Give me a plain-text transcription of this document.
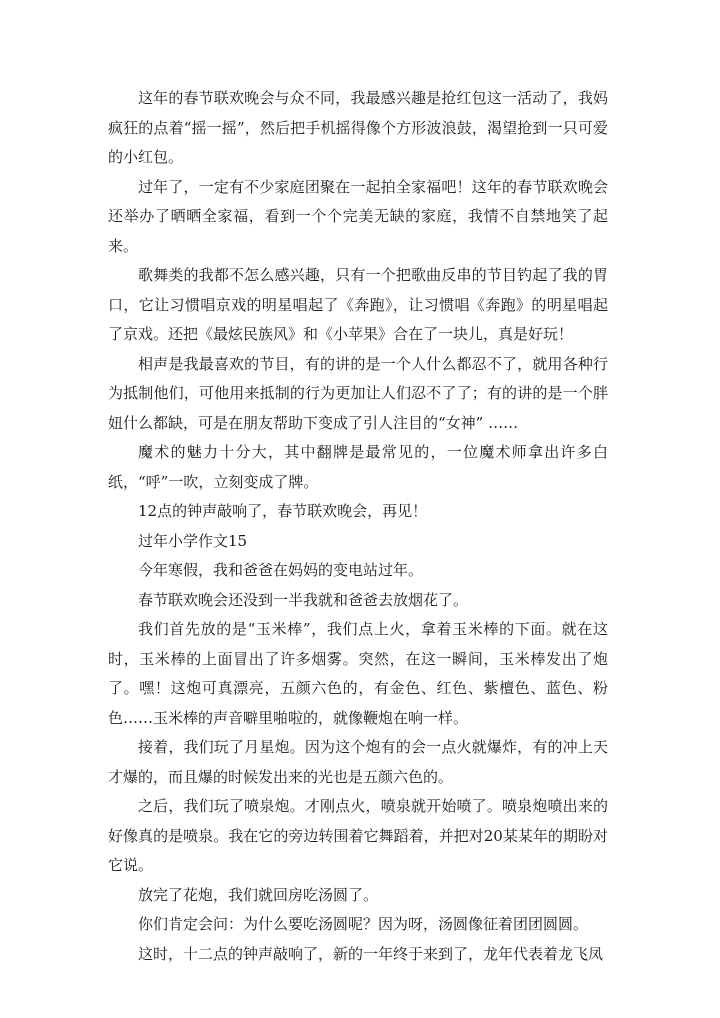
这年的春节联欢晚会与众不同，我最感兴趣是抢红包这一活动了，我妈疯狂的点着“摇一摇”，然后把手机摇得像个方形波浪鼓，渴望抢到一只可爱的小红包。

过年了，一定有不少家庭团聚在一起拍全家福吧！这年的春节联欢晚会还举办了晒晒全家福，看到一个个完美无缺的家庭，我情不自禁地笑了起来。

歌舞类的我都不怎么感兴趣，只有一个把歌曲反串的节目钓起了我的胃口，它让习惯唱京戏的明星唱起了《奔跑》，让习惯唱《奔跑》的明星唱起了京戏。还把《最炫民族风》和《小苹果》合在了一块儿，真是好玩！

相声是我最喜欢的节目，有的讲的是一个人什么都忍不了，就用各种行为抵制他们，可他用来抵制的行为更加让人们忍不了了；有的讲的是一个胖妞什么都缺，可是在朋友帮助下变成了引人注目的“女神” ……

魔术的魅力十分大，其中翻牌是最常见的，一位魔术师拿出许多白纸，“呼”一吹，立刻变成了牌。

12点的钟声敲响了，春节联欢晚会，再见！

过年小学作文15

今年寒假，我和爸爸在妈妈的变电站过年。

春节联欢晚会还没到一半我就和爸爸去放烟花了。

我们首先放的是“玉米棒”，我们点上火，拿着玉米棒的下面。就在这时，玉米棒的上面冒出了许多烟雾。突然，在这一瞬间，玉米棒发出了炮了。嘿！这炮可真漂亮，五颜六色的，有金色、红色、紫檀色、蓝色、粉色……玉米棒的声音噼里啪啦的，就像鞭炮在响一样。

接着，我们玩了月星炮。因为这个炮有的会一点火就爆炸，有的冲上天才爆的，而且爆的时候发出来的光也是五颜六色的。

之后，我们玩了喷泉炮。才刚点火，喷泉就开始喷了。喷泉炮喷出来的好像真的是喷泉。我在它的旁边转围着它舞蹈着，并把对20某某年的期盼对它说。

放完了花炮，我们就回房吃汤圆了。

你们肯定会问：为什么要吃汤圆呢？因为呀，汤圆像征着团团圆圆。

这时，十二点的钟声敲响了，新的一年终于来到了，龙年代表着龙飞凤
